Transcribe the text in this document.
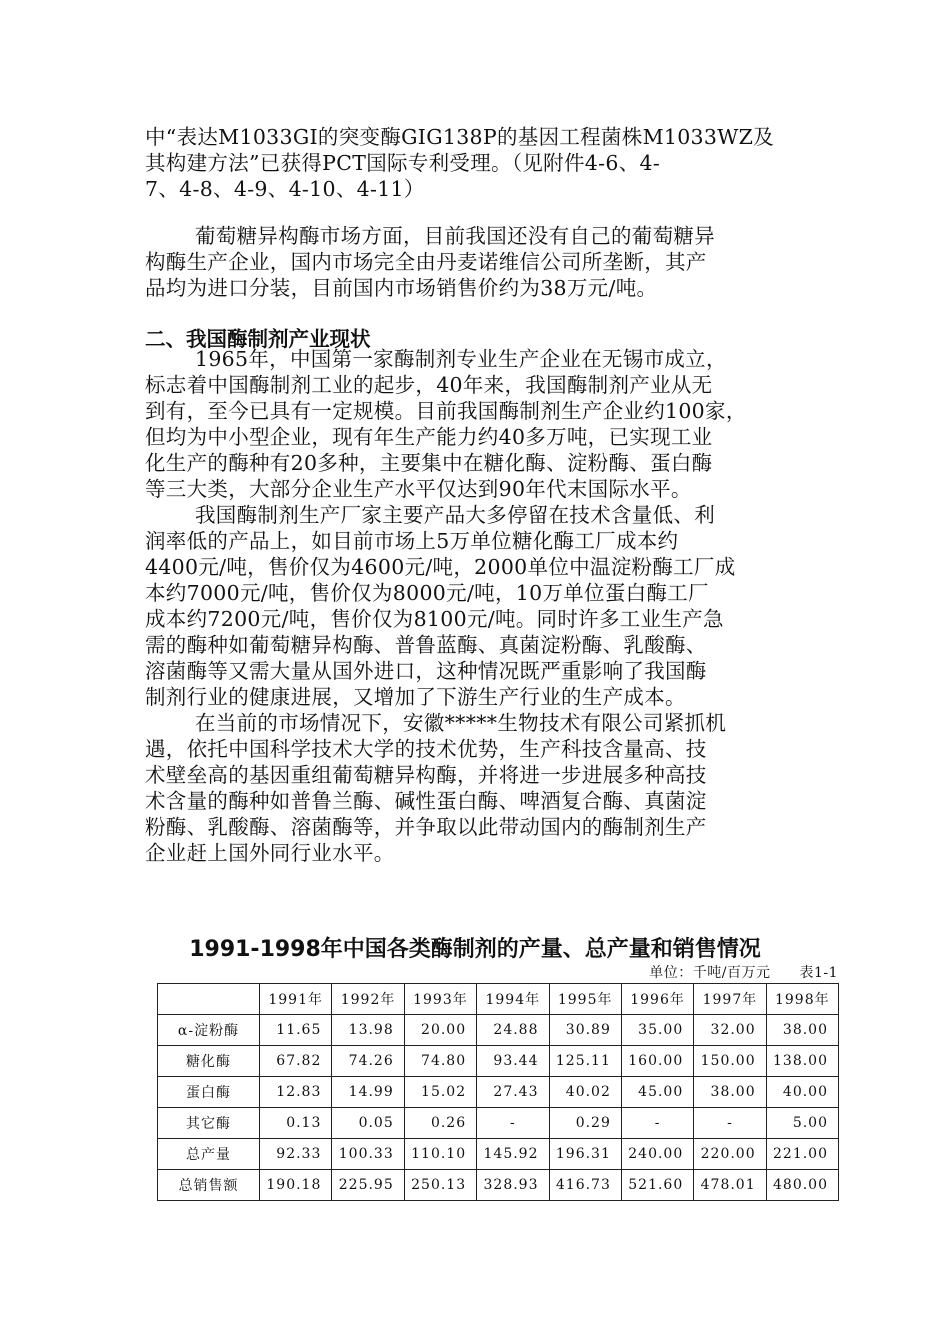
中“表达M1033GI的突变酶GIG138P的基因工程菌株M1033WZ及
其构建方法”已获得PCT国际专利受理。（见附件4-6、4-
7、4-8、4-9、4-10、4-11）
葡萄糖异构酶市场方面，目前我国还没有自己的葡萄糖异
构酶生产企业，国内市场完全由丹麦诺维信公司所垄断，其产
品均为进口分装，目前国内市场销售价约为38万元/吨。
二、我国酶制剂产业现状
1965年，中国第一家酶制剂专业生产企业在无锡市成立，
标志着中国酶制剂工业的起步，40年来，我国酶制剂产业从无
到有，至今已具有一定规模。目前我国酶制剂生产企业约100家，
但均为中小型企业，现有年生产能力约40多万吨，已实现工业
化生产的酶种有20多种，主要集中在糖化酶、淀粉酶、蛋白酶
等三大类，大部分企业生产水平仅达到90年代末国际水平。
我国酶制剂生产厂家主要产品大多停留在技术含量低、利
润率低的产品上，如目前市场上5万单位糖化酶工厂成本约
4400元/吨，售价仅为4600元/吨，2000单位中温淀粉酶工厂成
本约7000元/吨，售价仅为8000元/吨，10万单位蛋白酶工厂
成本约7200元/吨，售价仅为8100元/吨。同时许多工业生产急
需的酶种如葡萄糖异构酶、普鲁蓝酶、真菌淀粉酶、乳酸酶、
溶菌酶等又需大量从国外进口，这种情况既严重影响了我国酶
制剂行业的健康进展，又增加了下游生产行业的生产成本。
在当前的市场情况下，安徽*****生物技术有限公司紧抓机
遇，依托中国科学技术大学的技术优势，生产科技含量高、技
术壁垒高的基因重组葡萄糖异构酶，并将进一步进展多种高技
术含量的酶种如普鲁兰酶、碱性蛋白酶、啤酒复合酶、真菌淀
粉酶、乳酸酶、溶菌酶等，并争取以此带动国内的酶制剂生产
企业赶上国外同行业水平。
1991-1998年中国各类酶制剂的产量、总产量和销售情况
单位：千吨/百万元　　表1-1
	1991年	1992年	1993年	1994年	1995年	1996年	1997年	1998年
α-淀粉酶	11.65	13.98	20.00	24.88	30.89	35.00	32.00	38.00
糖化酶	67.82	74.26	74.80	93.44	125.11	160.00	150.00	138.00
蛋白酶	12.83	14.99	15.02	27.43	40.02	45.00	38.00	40.00
其它酶	0.13	0.05	0.26	-	0.29	-	-	5.00
总产量	92.33	100.33	110.10	145.92	196.31	240.00	220.00	221.00
总销售额	190.18	225.95	250.13	328.93	416.73	521.60	478.01	480.00
